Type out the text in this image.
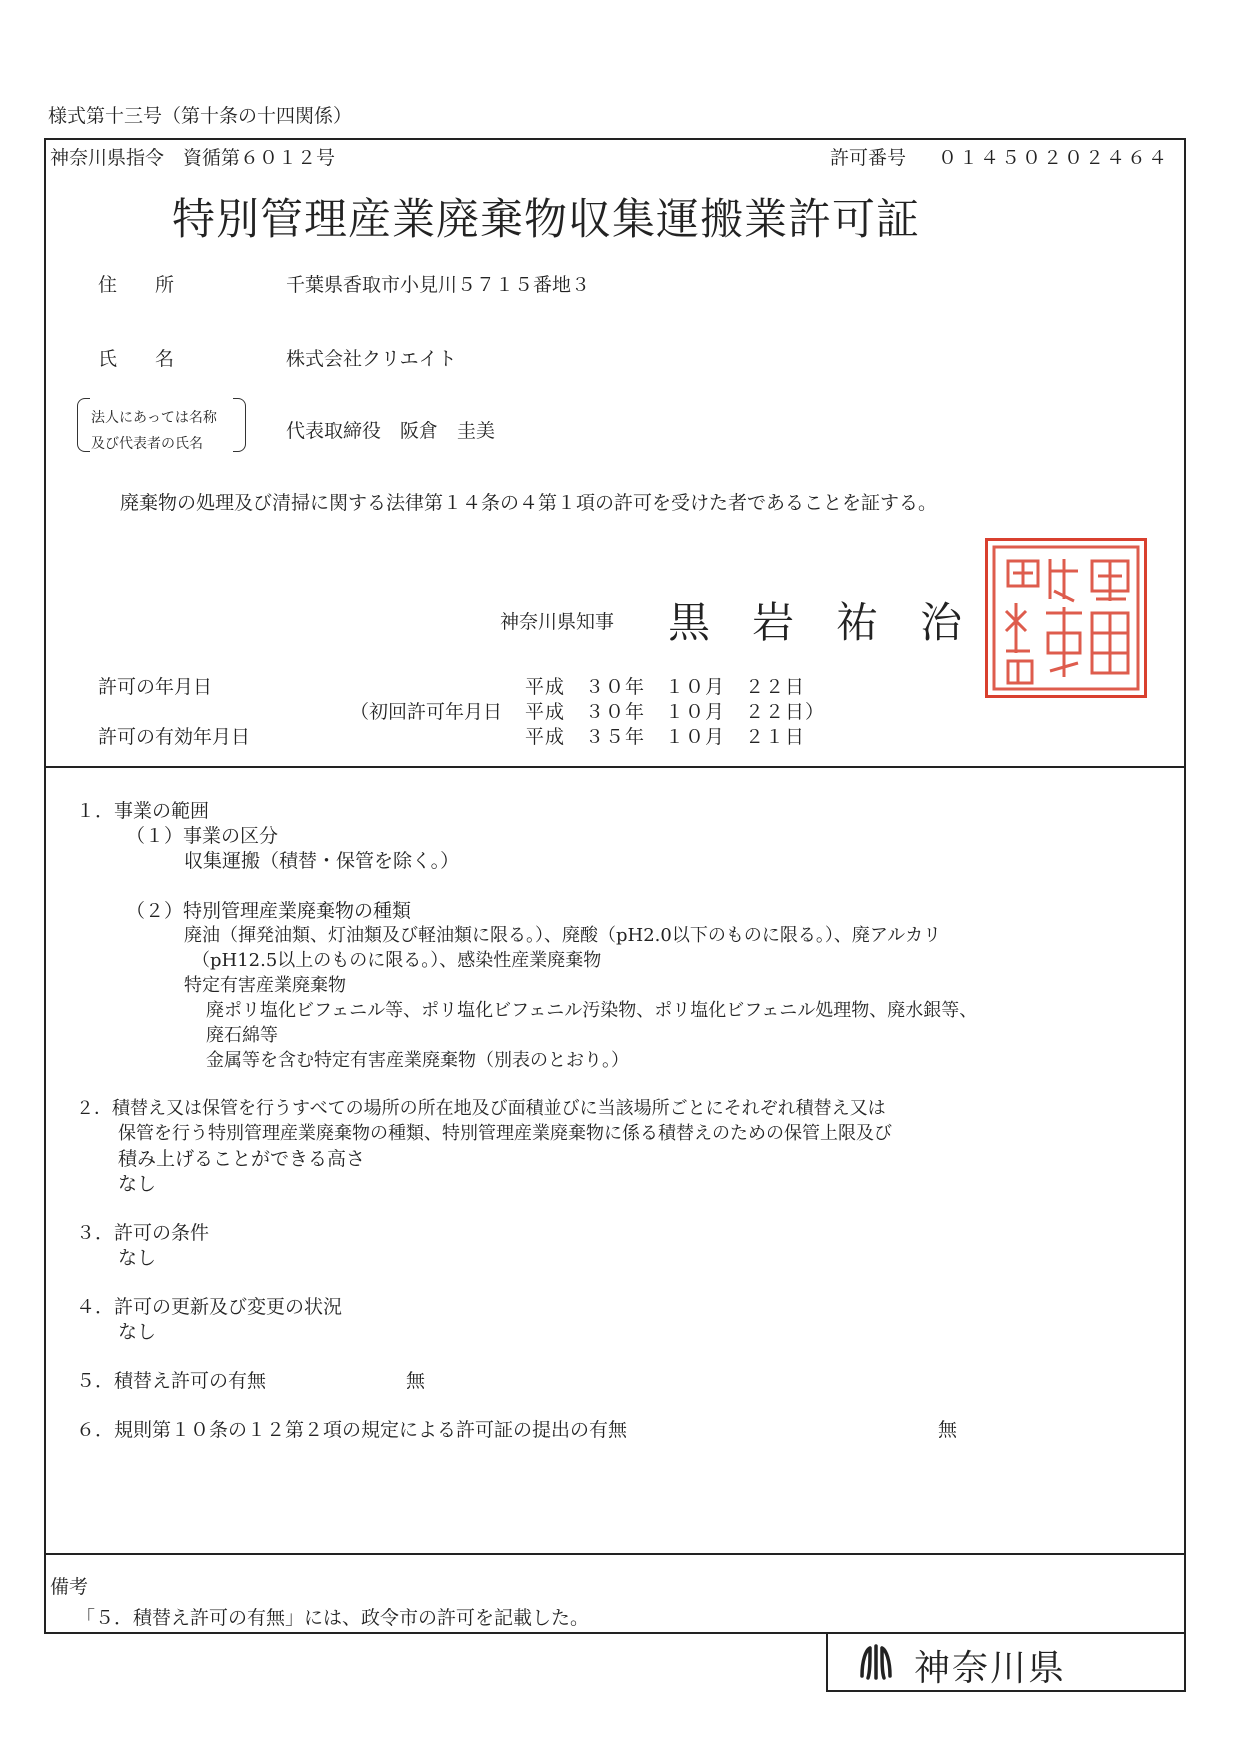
様式第十三号（第十条の十四関係）
神奈川県指令　資循第６０１２号	許可番号 ０１４５０２０２４６４
特別管理産業廃棄物収集運搬業許可証
住　　所	千葉県香取市小見川５７１５番地３
氏　　名	株式会社クリエイト
法人にあっては名称
及び代表者の氏名
代表取締役　阪倉　圭美
廃棄物の処理及び清掃に関する法律第１４条の４第１項の許可を受けた者であることを証する。
神奈川県知事 黒　岩　祐　治
許可の年月日	平成　３０年　１０月　２２日
（初回許可年月日 平成　３０年　１０月　２２日）
許可の有効年月日	平成　３５年　１０月　２１日
１．事業の範囲
（１）事業の区分
収集運搬（積替・保管を除く。）
（２）特別管理産業廃棄物の種類
廃油（揮発油類、灯油類及び軽油類に限る。）、廃酸（pH2.0以下のものに限る。）、廃アルカリ
（pH12.5以上のものに限る。）、感染性産業廃棄物
特定有害産業廃棄物
廃ポリ塩化ビフェニル等、ポリ塩化ビフェニル汚染物、ポリ塩化ビフェニル処理物、廃水銀等、
廃石綿等
金属等を含む特定有害産業廃棄物（別表のとおり。）
２．積替え又は保管を行うすべての場所の所在地及び面積並びに当該場所ごとにそれぞれ積替え又は
保管を行う特別管理産業廃棄物の種類、特別管理産業廃棄物に係る積替えのための保管上限及び
積み上げることができる高さ
なし
３．許可の条件
なし
４．許可の更新及び変更の状況
なし
５．積替え許可の有無	無
６．規則第１０条の１２第２項の規定による許可証の提出の有無	無
備考
「５．積替え許可の有無」には、政令市の許可を記載した。
神奈川県
